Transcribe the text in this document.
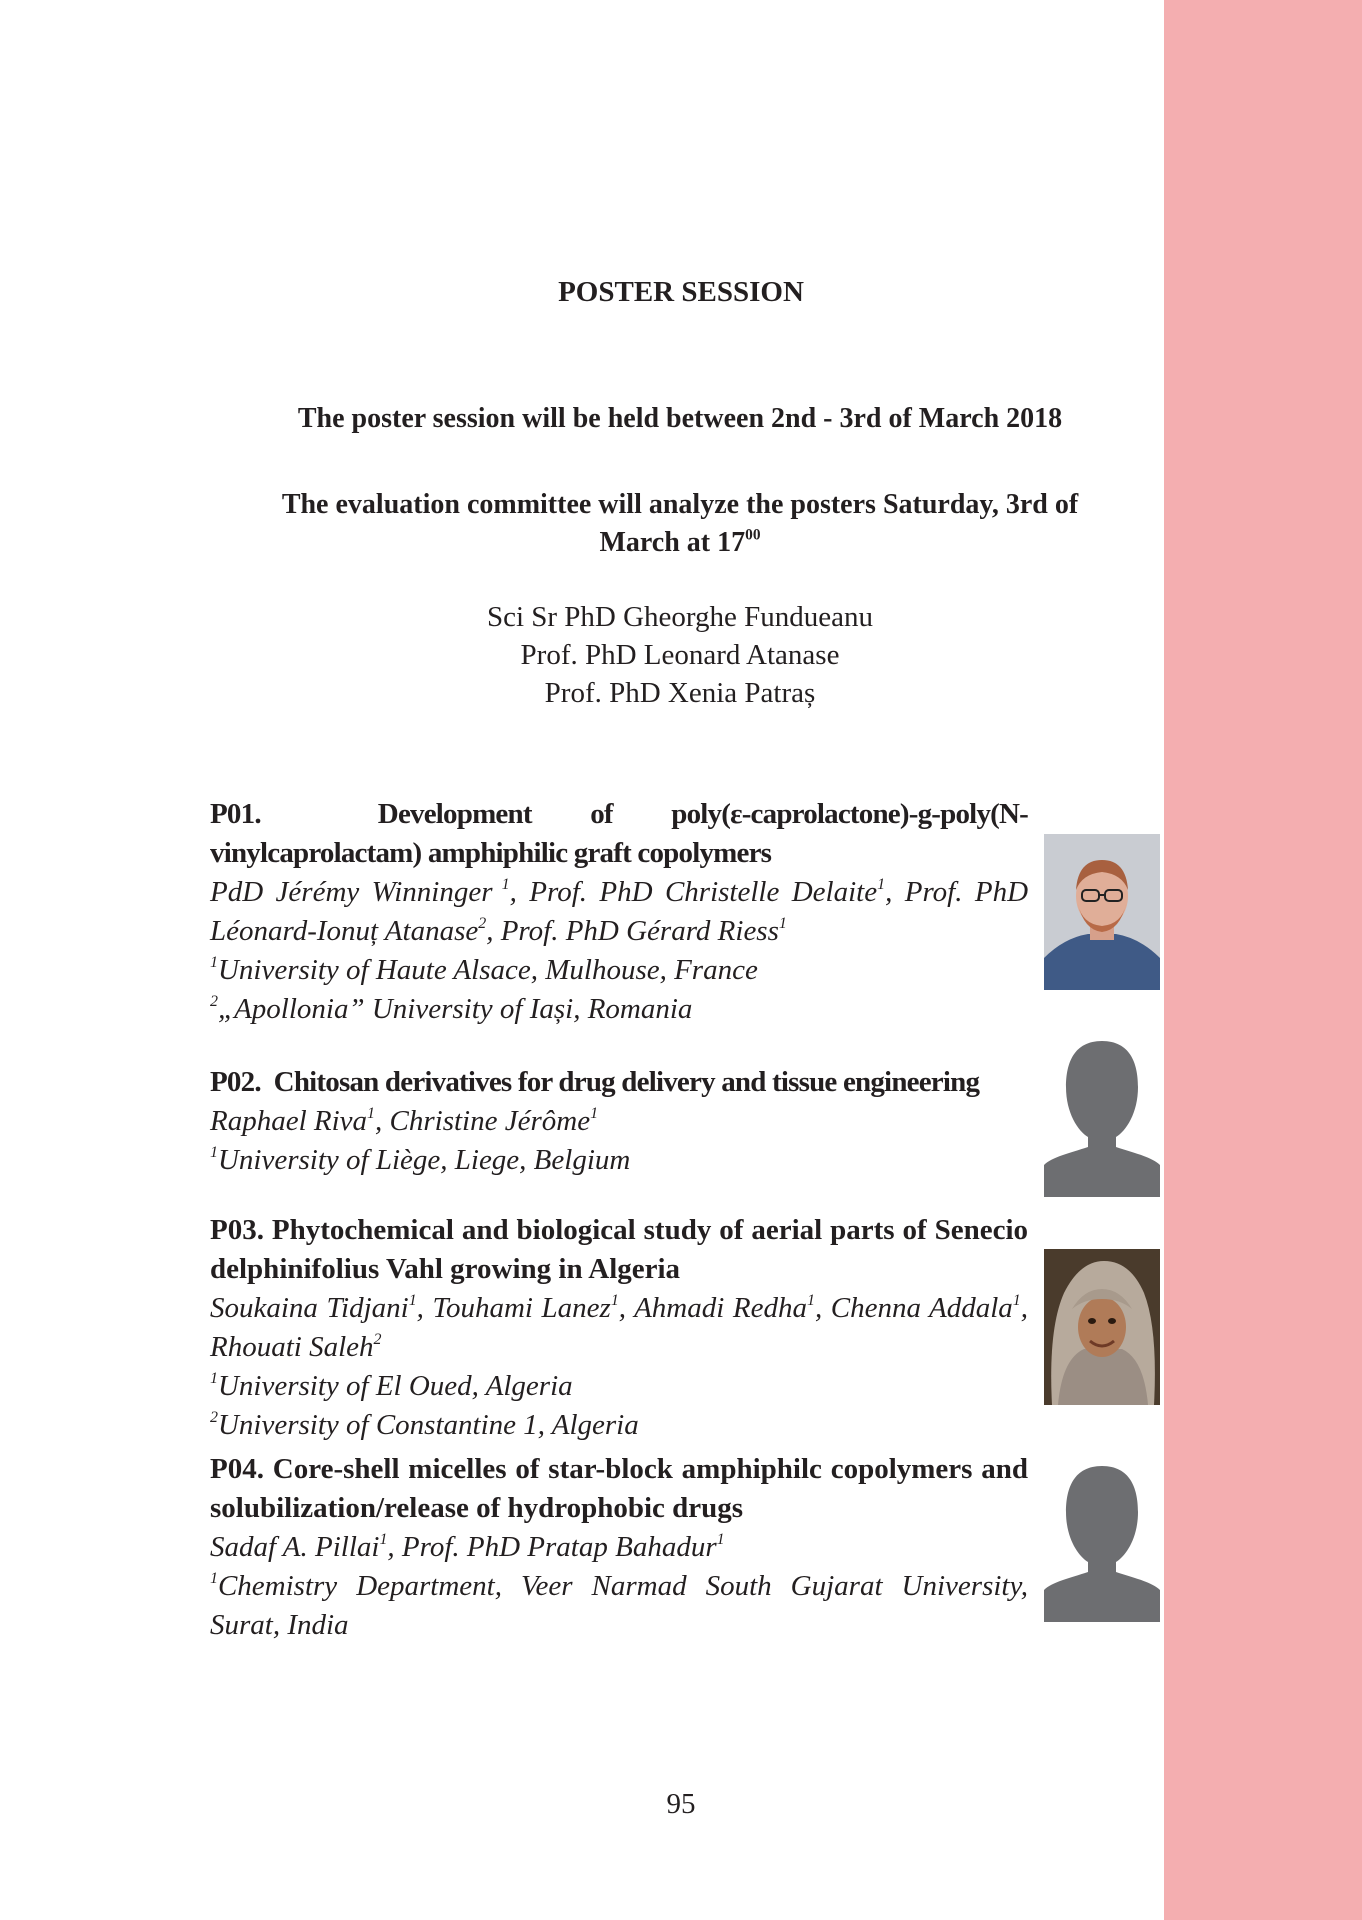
POSTER SESSION
The poster session will be held between 2nd - 3rd of March 2018
The evaluation committee will analyze the posters Saturday, 3rd of
March at $17^{00}$
Sci Sr PhD Gheorghe Fundueanu
Prof. PhD Leonard Atanase
Prof. PhD Xenia Patraș
P01.	Development of poly(ε-caprolactone)-g-poly(N-vinylcaprolactam) amphiphilic graft copolymers
PdD Jérémy Winninger $^1$, Prof. PhD Christelle Delaite$^1$, Prof. PhD Léonard-Ionuț Atanase$^2$, Prof. PhD Gérard Riess$^1$
$^1$University of Haute Alsace, Mulhouse, France
$^2$„Apollonia” University of Iași, Romania
P02. Chitosan derivatives for drug delivery and tissue engineering
Raphael Riva$^1$, Christine Jérôme$^1$
$^1$University of Liège, Liege, Belgium
P03. Phytochemical and biological study of aerial parts of Senecio delphinifolius Vahl growing in Algeria
Soukaina Tidjani$^1$, Touhami Lanez$^1$, Ahmadi Redha$^1$, Chenna Addala$^1$, Rhouati Saleh$^2$
$^1$University of El Oued, Algeria
$^2$University of Constantine 1, Algeria
P04. Core-shell micelles of star-block amphiphilc copolymers and solubilization/release of hydrophobic drugs
Sadaf A. Pillai$^1$, Prof. PhD Pratap Bahadur$^1$
$^1$Chemistry Department, Veer Narmad South Gujarat University, Surat, India
95
